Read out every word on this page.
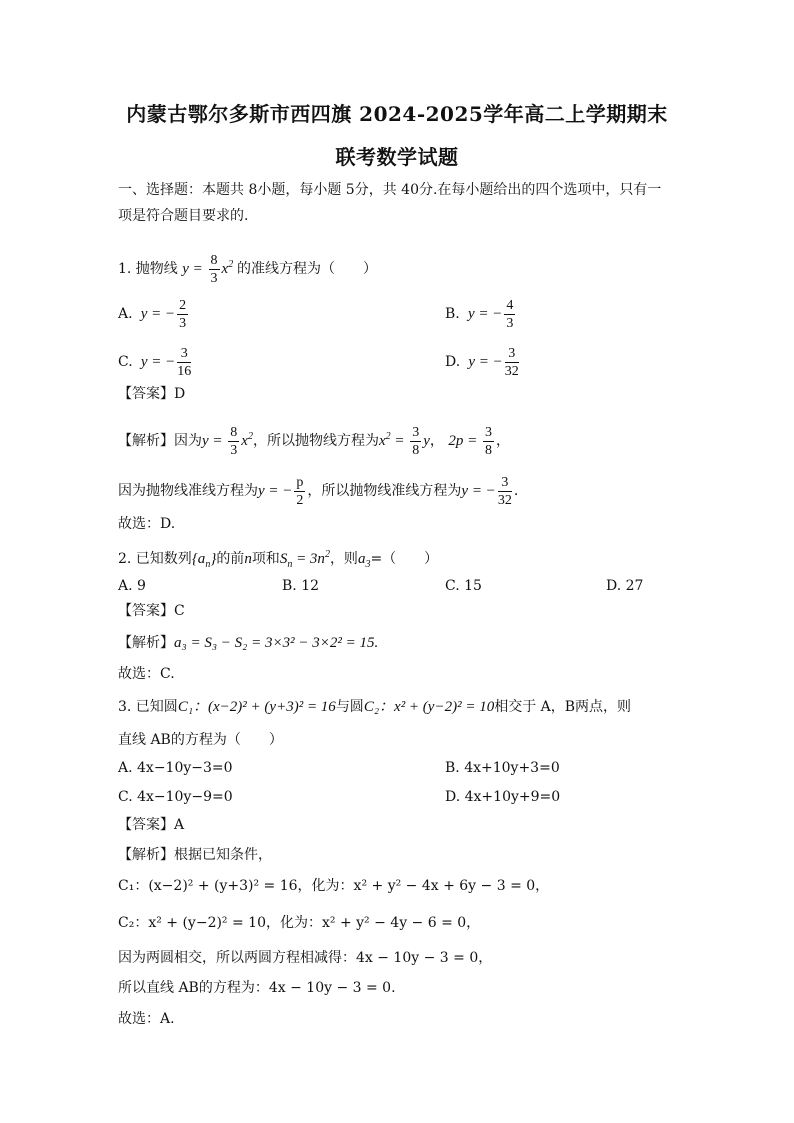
内蒙古鄂尔多斯市西四旗 2024-2025学年高二上学期期末
联考数学试题
一、选择题：本题共 8小题，每小题 5分，共 40分.在每小题给出的四个选项中，只有一
项是符合题目要求的.
1. 抛物线 $y = \frac{8}{3} x^2$ 的准线方程为（　　）
A.  y = − $\frac{2}{3}$	B.  y = − $\frac{4}{3}$
C.  y = − $\frac{3}{16}$	D.  y = − $\frac{3}{32}$
【答案】D
【解析】因为$y = \frac{8}{3} x^2$，所以抛物线方程为$x^2 = \frac{3}{8}$ y， $2p = \frac{3}{8}$ ，
因为抛物线准线方程为y = − $\frac{p}{2}$ ，所以抛物线准线方程为y = − $\frac{3}{32}$ .
故选：D.
2. 已知数列$\{a_n\}$的前n项和$S_n = 3n^2$，则$a_3=$（　　）
A. 9	B. 12	C. 15	D. 27
【答案】C
【解析】a₃ = S₃ − S₂ = 3×3² − 3×2² = 15.
故选：C.
3. 已知圆C₁：(x−2)² + (y+3)² = 16与圆C₂：x² + (y−2)² = 10相交于 A，B两点，则
直线 AB的方程为（　　）
A. 4x−10y−3=0	B. 4x+10y+3=0
C. 4x−10y−9=0	D. 4x+10y+9=0
【答案】A
【解析】根据已知条件，
C₁：(x−2)² + (y+3)² = 16，化为：x² + y² − 4x + 6y − 3 = 0，
C₂：x² + (y−2)² = 10，化为：x² + y² − 4y − 6 = 0，
因为两圆相交，所以两圆方程相减得：4x − 10y − 3 = 0，
所以直线 AB的方程为：4x − 10y − 3 = 0.
故选：A.
